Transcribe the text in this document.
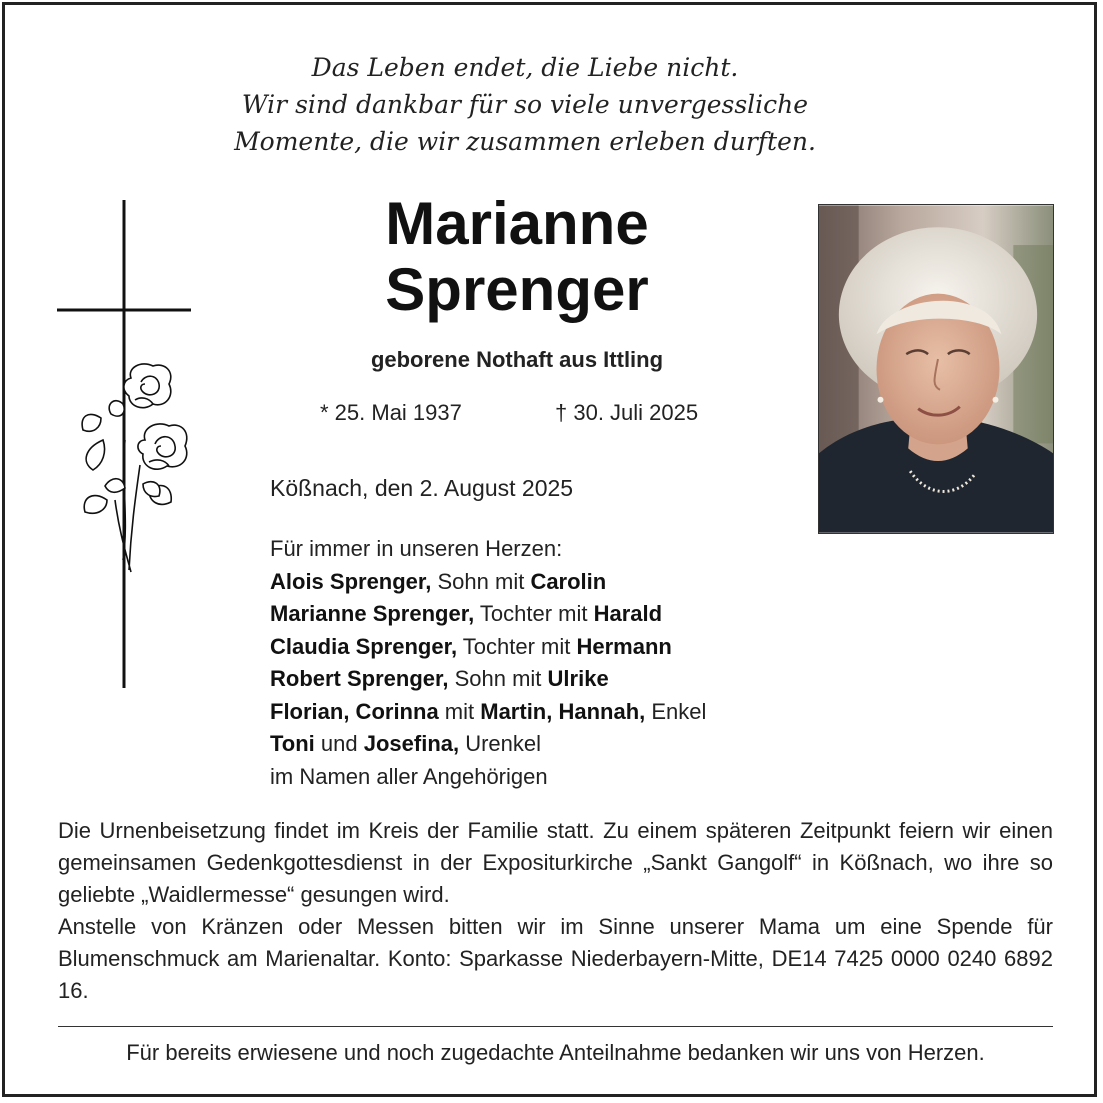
Das Leben endet, die Liebe nicht.
Wir sind dankbar für so viele unvergessliche
Momente, die wir zusammen erleben durften.
Marianne
Sprenger
geborene Nothaft aus Ittling
* 25. Mai 1937	† 30. Juli 2025
Kößnach, den 2. August 2025
Für immer in unseren Herzen:
Alois Sprenger, Sohn mit Carolin
Marianne Sprenger, Tochter mit Harald
Claudia Sprenger, Tochter mit Hermann
Robert Sprenger, Sohn mit Ulrike
Florian, Corinna mit Martin, Hannah, Enkel
Toni und Josefina, Urenkel
im Namen aller Angehörigen
Die Urnenbeisetzung findet im Kreis der Familie statt. Zu einem späteren Zeitpunkt feiern wir einen gemeinsamen Gedenkgottesdienst in der Expositurkirche „Sankt Gangolf“ in Kößnach, wo ihre so geliebte „Waidlermesse“ gesungen wird.
Anstelle von Kränzen oder Messen bitten wir im Sinne unserer Mama um eine Spende für Blumenschmuck am Marienaltar. Konto: Sparkasse Niederbayern-Mitte, DE14 7425 0000 0240 6892 16.
Für bereits erwiesene und noch zugedachte Anteilnahme bedanken wir uns von Herzen.
